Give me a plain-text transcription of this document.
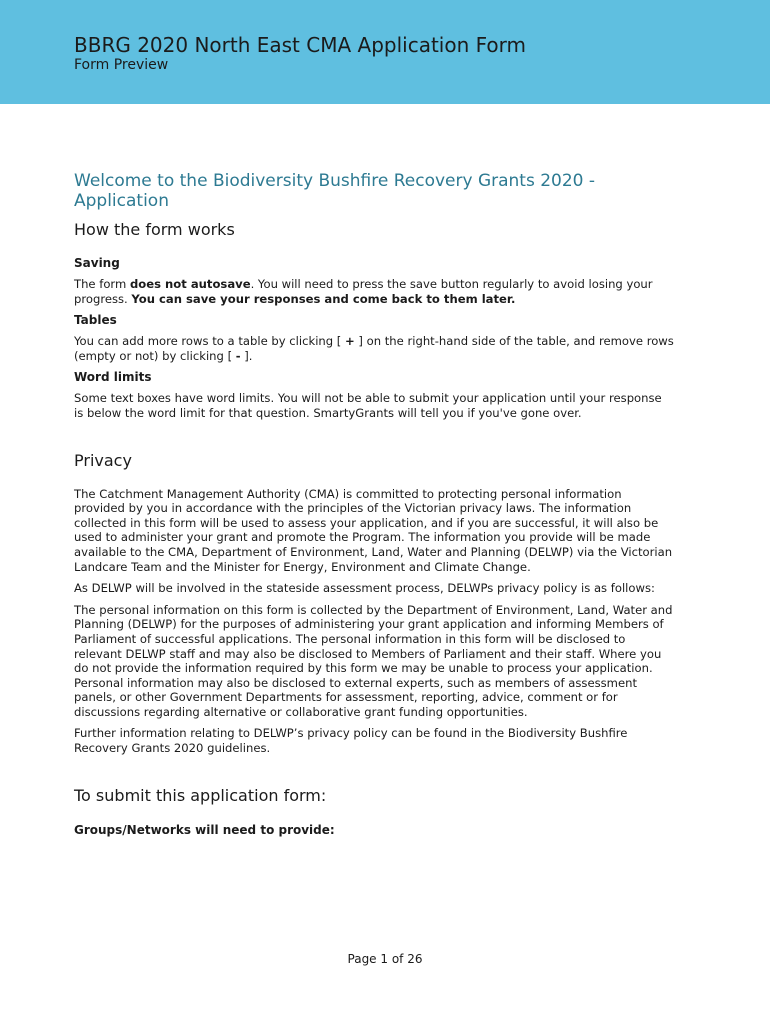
BBRG 2020 North East CMA Application Form
Form Preview
Welcome to the Biodiversity Bushfire Recovery Grants 2020 - Application
How the form works
Saving

The form does not autosave. You will need to press the save button regularly to avoid losing your progress. You can save your responses and come back to them later.

Tables

You can add more rows to a table by clicking [ + ] on the right-hand side of the table, and remove rows (empty or not) by clicking [ - ].

Word limits

Some text boxes have word limits. You will not be able to submit your application until your response is below the word limit for that question. SmartyGrants will tell you if you've gone over.

Privacy

The Catchment Management Authority (CMA) is committed to protecting personal information provided by you in accordance with the principles of the Victorian privacy laws. The information collected in this form will be used to assess your application, and if you are successful, it will also be used to administer your grant and promote the Program. The information you provide will be made available to the CMA, Department of Environment, Land, Water and Planning (DELWP) via the Victorian Landcare Team and the Minister for Energy, Environment and Climate Change.

As DELWP will be involved in the stateside assessment process, DELWPs privacy policy is as follows:

The personal information on this form is collected by the Department of Environment, Land, Water and Planning (DELWP) for the purposes of administering your grant application and informing Members of Parliament of successful applications. The personal information in this form will be disclosed to relevant DELWP staff and may also be disclosed to Members of Parliament and their staff. Where you do not provide the information required by this form we may be unable to process your application. Personal information may also be disclosed to external experts, such as members of assessment panels, or other Government Departments for assessment, reporting, advice, comment or for discussions regarding alternative or collaborative grant funding opportunities.

Further information relating to DELWP’s privacy policy can be found in the Biodiversity Bushfire Recovery Grants 2020 guidelines.

To submit this application form:
Groups/Networks will need to provide:
Page 1 of 26
